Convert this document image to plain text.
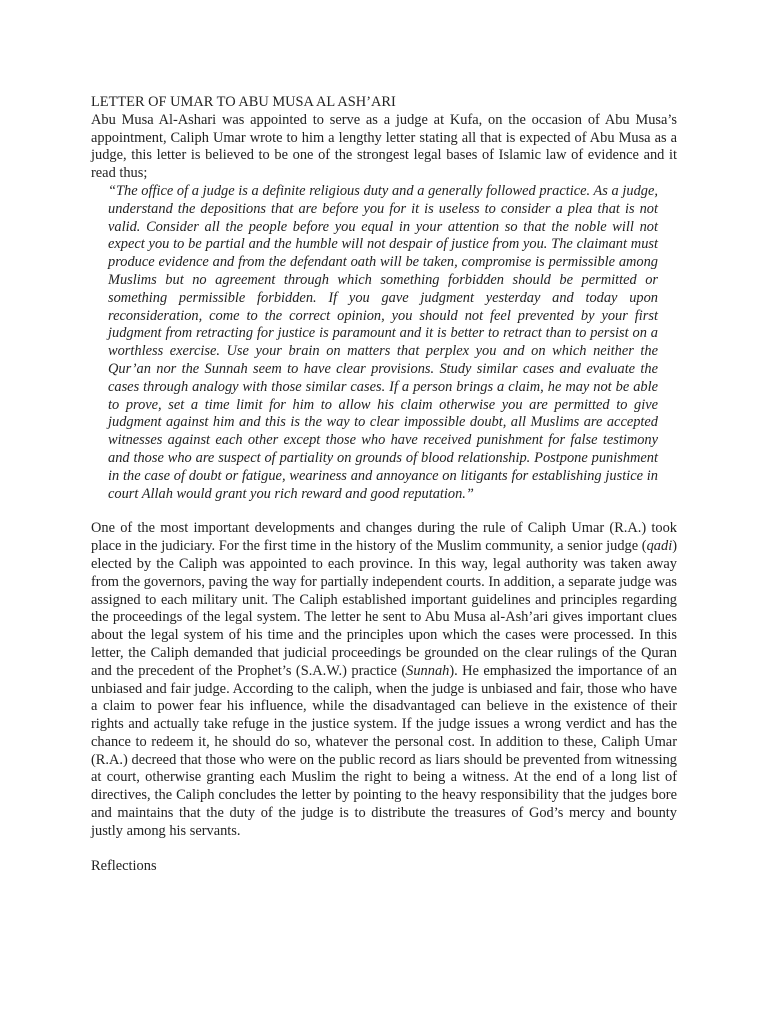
LETTER OF UMAR TO ABU MUSA AL ASH’ARI

Abu Musa Al-Ashari was appointed to serve as a judge at Kufa, on the occasion of Abu Musa’s appointment, Caliph Umar wrote to him a lengthy letter stating all that is expected of Abu Musa as a judge, this letter is believed to be one of the strongest legal bases of Islamic law of evidence and it read thus;

“The office of a judge is a definite religious duty and a generally followed practice. As a judge, understand the depositions that are before you for it is useless to consider a plea that is not valid. Consider all the people before you equal in your attention so that the noble will not expect you to be partial and the humble will not despair of justice from you. The claimant must produce evidence and from the defendant oath will be taken, compromise is permissible among Muslims but no agreement through which something forbidden should be permitted or something permissible forbidden. If you gave judgment yesterday and today upon reconsideration, come to the correct opinion, you should not feel prevented by your first judgment from retracting for justice is paramount and it is better to retract than to persist on a worthless exercise. Use your brain on matters that perplex you and on which neither the Qur’an nor the Sunnah seem to have clear provisions. Study similar cases and evaluate the cases through analogy with those similar cases. If a person brings a claim, he may not be able to prove, set a time limit for him to allow his claim otherwise you are permitted to give judgment against him and this is the way to clear impossible doubt, all Muslims are accepted witnesses against each other except those who have received punishment for false testimony and those who are suspect of partiality on grounds of blood relationship. Postpone punishment in the case of doubt or fatigue, weariness and annoyance on litigants for establishing justice in court Allah would grant you rich reward and good reputation.”

One of the most important developments and changes during the rule of Caliph Umar (R.A.) took place in the judiciary. For the first time in the history of the Muslim community, a senior judge (qadi) elected by the Caliph was appointed to each province. In this way, legal authority was taken away from the governors, paving the way for partially independent courts. In addition, a separate judge was assigned to each military unit. The Caliph established important guidelines and principles regarding the proceedings of the legal system. The letter he sent to Abu Musa al-Ash’ari gives important clues about the legal system of his time and the principles upon which the cases were processed. In this letter, the Caliph demanded that judicial proceedings be grounded on the clear rulings of the Quran and the precedent of the Prophet’s (S.A.W.) practice (Sunnah). He emphasized the importance of an unbiased and fair judge. According to the caliph, when the judge is unbiased and fair, those who have a claim to power fear his influence, while the disadvantaged can believe in the existence of their rights and actually take refuge in the justice system. If the judge issues a wrong verdict and has the chance to redeem it, he should do so, whatever the personal cost. In addition to these, Caliph Umar (R.A.) decreed that those who were on the public record as liars should be prevented from witnessing at court, otherwise granting each Muslim the right to being a witness. At the end of a long list of directives, the Caliph concludes the letter by pointing to the heavy responsibility that the judges bore and maintains that the duty of the judge is to distribute the treasures of God’s mercy and bounty justly among his servants.

Reflections
